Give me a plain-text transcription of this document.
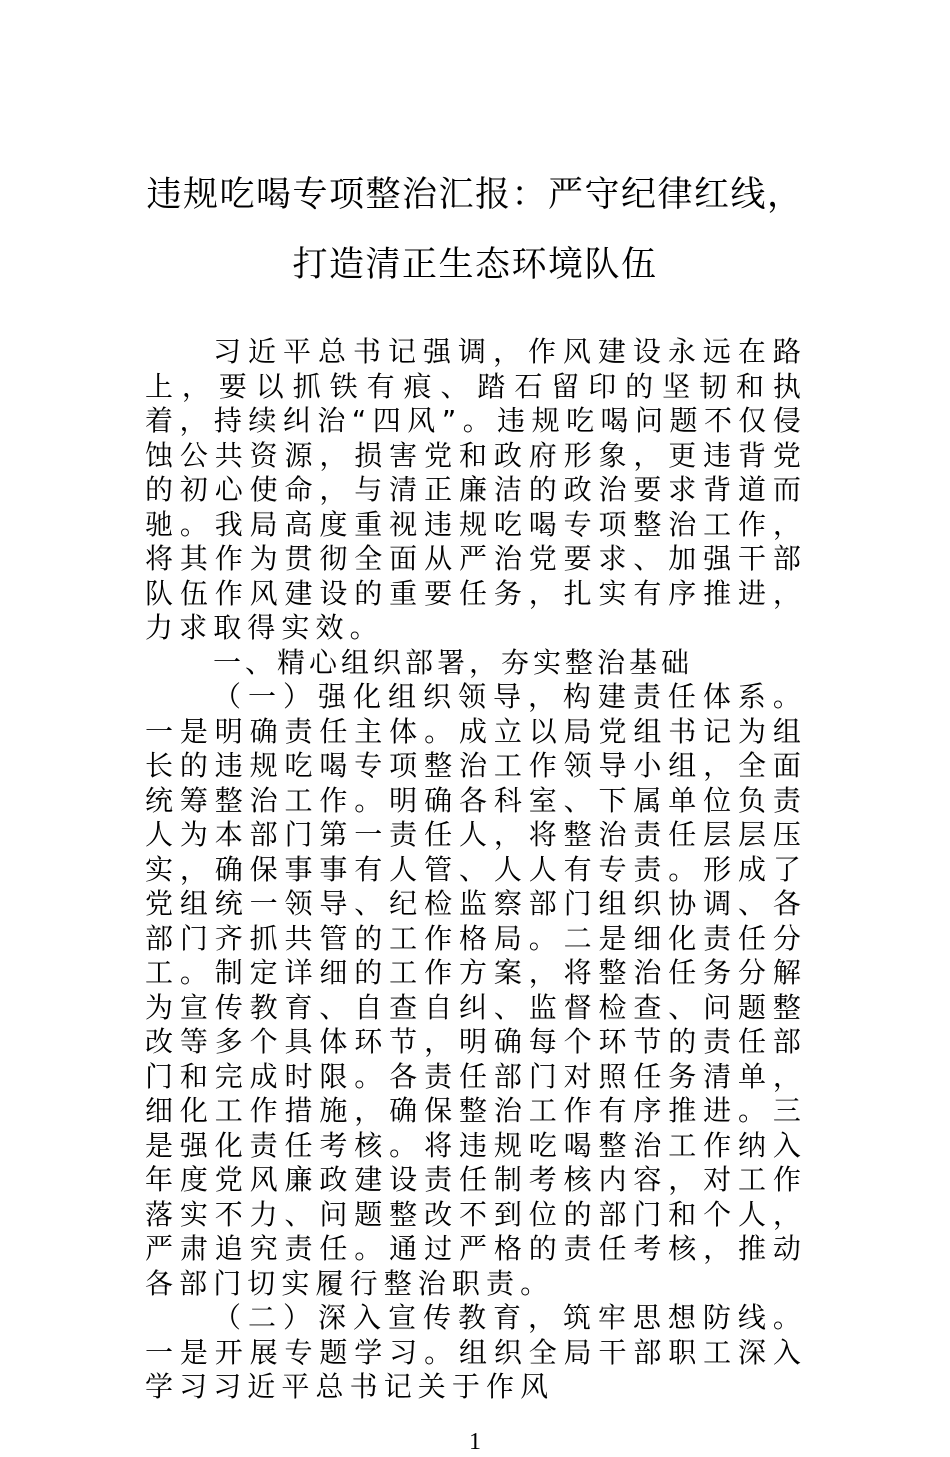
违规吃喝专项整治汇报：严守纪律红线，
打造清正生态环境队伍

习近平总书记强调，作风建设永远在路上，要以抓铁有痕、踏石留印的坚韧和执着，持续纠治“四风”。违规吃喝问题不仅侵蚀公共资源，损害党和政府形象，更违背党的初心使命，与清正廉洁的政治要求背道而驰。我局高度重视违规吃喝专项整治工作，将其作为贯彻全面从严治党要求、加强干部队伍作风建设的重要任务，扎实有序推进，力求取得实效。

一、精心组织部署，夯实整治基础

（一）强化组织领导，构建责任体系。一是明确责任主体。成立以局党组书记为组长的违规吃喝专项整治工作领导小组，全面统筹整治工作。明确各科室、下属单位负责人为本部门第一责任人，将整治责任层层压实，确保事事有人管、人人有专责。形成了党组统一领导、纪检监察部门组织协调、各部门齐抓共管的工作格局。二是细化责任分工。制定详细的工作方案，将整治任务分解为宣传教育、自查自纠、监督检查、问题整改等多个具体环节，明确每个环节的责任部门和完成时限。各责任部门对照任务清单，细化工作措施，确保整治工作有序推进。三是强化责任考核。将违规吃喝整治工作纳入年度党风廉政建设责任制考核内容，对工作落实不力、问题整改不到位的部门和个人，严肃追究责任。通过严格的责任考核，推动各部门切实履行整治职责。

（二）深入宣传教育，筑牢思想防线。一是开展专题学习。组织全局干部职工深入学习习近平总书记关于作风

1
